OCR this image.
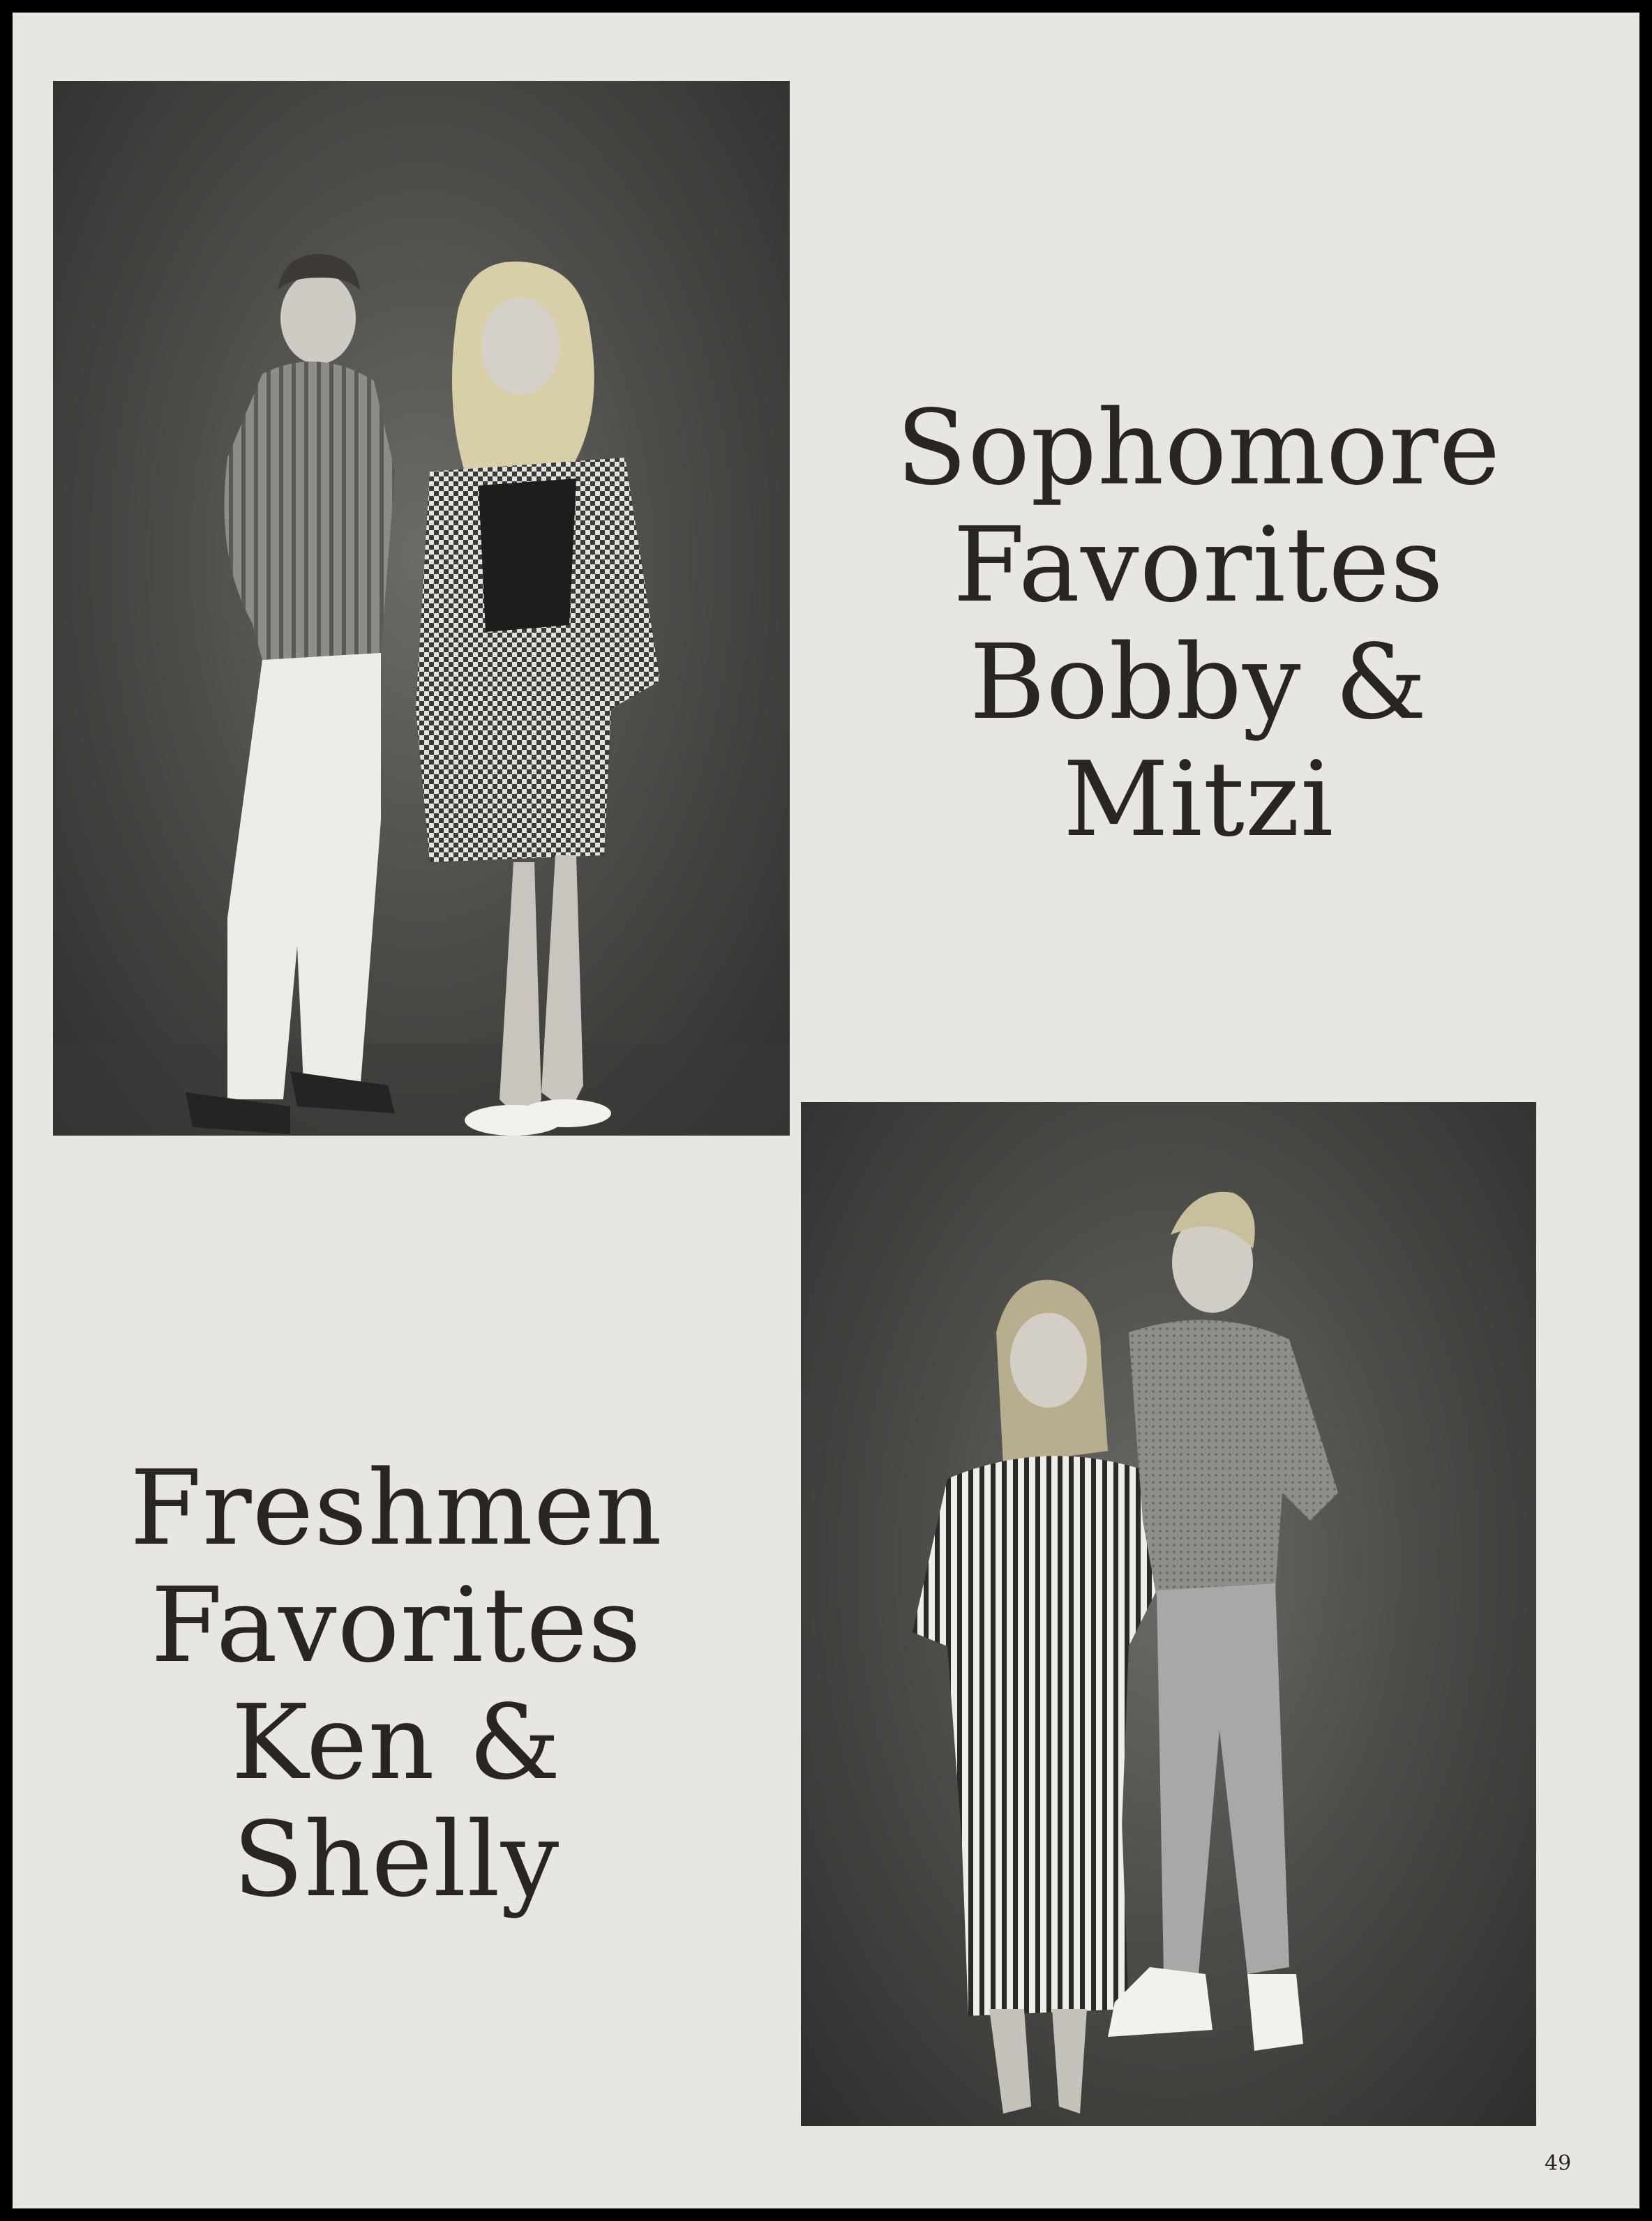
Sophomore
Favorites
Bobby &
Mitzi
Freshmen
Favorites
Ken &
Shelly
49
